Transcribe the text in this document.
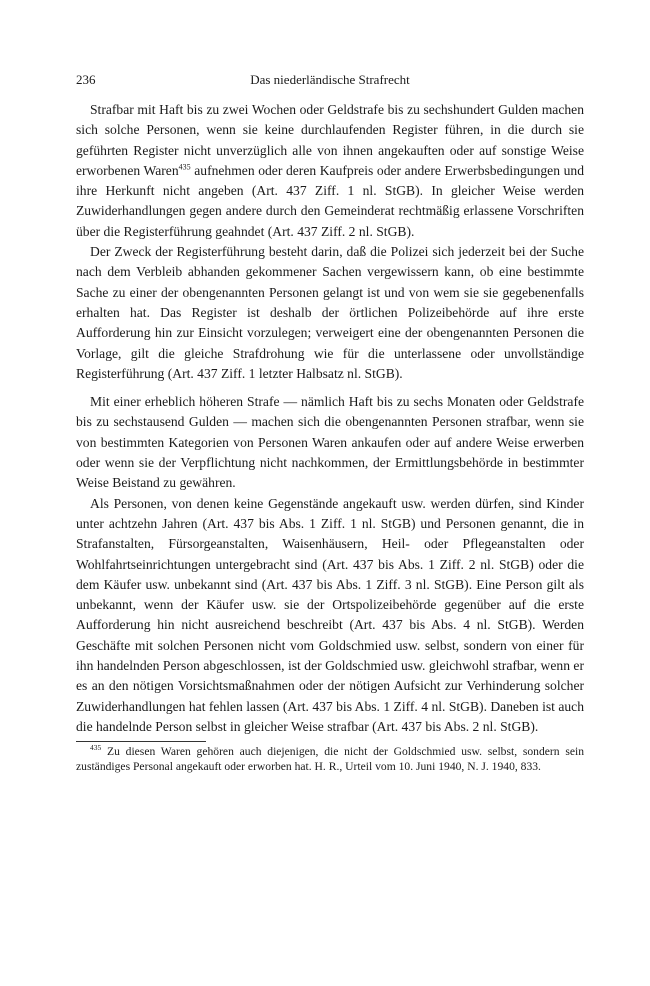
236	Das niederländische Strafrecht

Strafbar mit Haft bis zu zwei Wochen oder Geldstrafe bis zu sechshundert Gulden machen sich solche Personen, wenn sie keine durchlaufenden Register führen, in die durch sie geführten Register nicht unverzüglich alle von ihnen angekauften oder auf sonstige Weise erworbenen Waren$^{435}$ aufnehmen oder deren Kaufpreis oder andere Erwerbsbedingungen und ihre Herkunft nicht angeben (Art. 437 Ziff. 1 nl. StGB). In gleicher Weise werden Zuwiderhandlungen gegen andere durch den Gemeinderat rechtmäßig erlassene Vorschriften über die Registerführung geahndet (Art. 437 Ziff. 2 nl. StGB).

Der Zweck der Registerführung besteht darin, daß die Polizei sich jederzeit bei der Suche nach dem Verbleib abhanden gekommener Sachen vergewissern kann, ob eine bestimmte Sache zu einer der obengenannten Personen gelangt ist und von wem sie sie gegebenenfalls erhalten hat. Das Register ist deshalb der örtlichen Polizeibehörde auf ihre erste Aufforderung hin zur Einsicht vorzulegen; verweigert eine der obengenannten Personen die Vorlage, gilt die gleiche Strafdrohung wie für die unterlassene oder unvollständige Registerführung (Art. 437 Ziff. 1 letzter Halbsatz nl. StGB).

Mit einer erheblich höheren Strafe — nämlich Haft bis zu sechs Monaten oder Geldstrafe bis zu sechstausend Gulden — machen sich die obengenannten Personen strafbar, wenn sie von bestimmten Kategorien von Personen Waren ankaufen oder auf andere Weise erwerben oder wenn sie der Verpflichtung nicht nachkommen, der Ermittlungsbehörde in bestimmter Weise Beistand zu gewähren.

Als Personen, von denen keine Gegenstände angekauft usw. werden dürfen, sind Kinder unter achtzehn Jahren (Art. 437 bis Abs. 1 Ziff. 1 nl. StGB) und Personen genannt, die in Strafanstalten, Fürsorgeanstalten, Waisenhäusern, Heil- oder Pflegeanstalten oder Wohlfahrtseinrichtungen untergebracht sind (Art. 437 bis Abs. 1 Ziff. 2 nl. StGB) oder die dem Käufer usw. unbekannt sind (Art. 437 bis Abs. 1 Ziff. 3 nl. StGB). Eine Person gilt als unbekannt, wenn der Käufer usw. sie der Ortspolizeibehörde gegenüber auf die erste Aufforderung hin nicht ausreichend beschreibt (Art. 437 bis Abs. 4 nl. StGB). Werden Geschäfte mit solchen Personen nicht vom Goldschmied usw. selbst, sondern von einer für ihn handelnden Person abgeschlossen, ist der Goldschmied usw. gleichwohl strafbar, wenn er es an den nötigen Vorsichtsmaßnahmen oder der nötigen Aufsicht zur Verhinderung solcher Zuwiderhandlungen hat fehlen lassen (Art. 437 bis Abs. 1 Ziff. 4 nl. StGB). Daneben ist auch die handelnde Person selbst in gleicher Weise strafbar (Art. 437 bis Abs. 2 nl. StGB).

$^{435}$ Zu diesen Waren gehören auch diejenigen, die nicht der Goldschmied usw. selbst, sondern sein zuständiges Personal angekauft oder erworben hat. H. R., Urteil vom 10. Juni 1940, N. J. 1940, 833.
